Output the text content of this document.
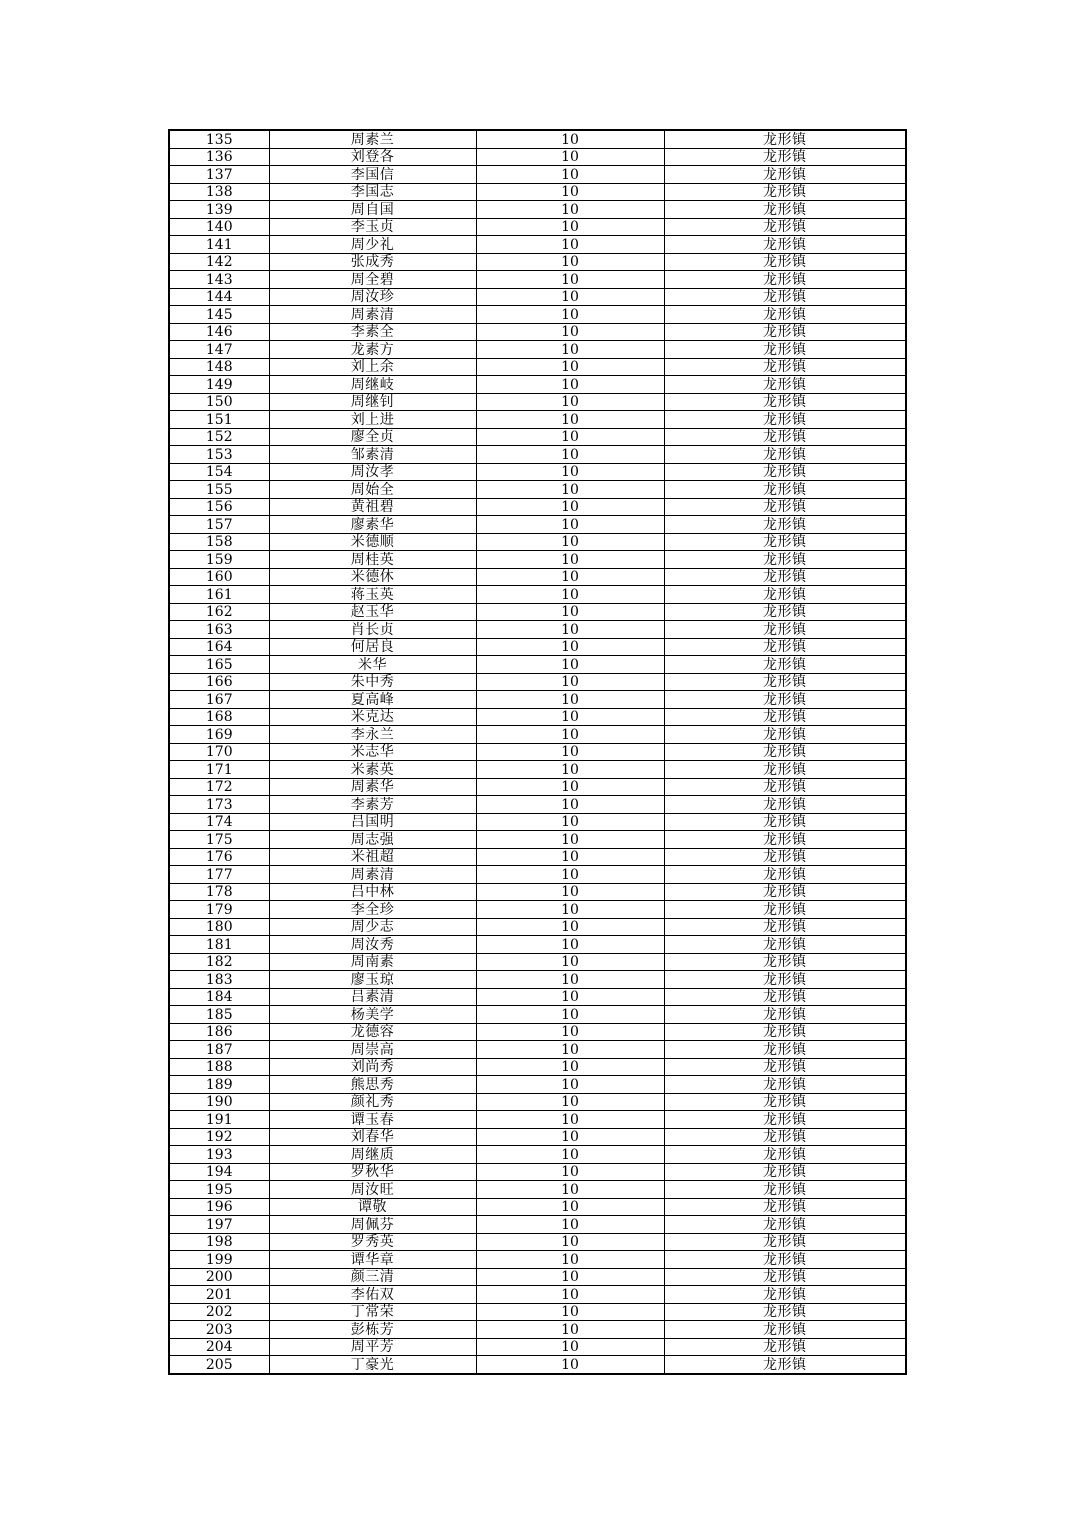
135	周素兰	10	龙形镇
136	刘登各	10	龙形镇
137	李国信	10	龙形镇
138	李国志	10	龙形镇
139	周自国	10	龙形镇
140	李玉贞	10	龙形镇
141	周少礼	10	龙形镇
142	张成秀	10	龙形镇
143	周全碧	10	龙形镇
144	周汝珍	10	龙形镇
145	周素清	10	龙形镇
146	李素全	10	龙形镇
147	龙素方	10	龙形镇
148	刘上余	10	龙形镇
149	周继岐	10	龙形镇
150	周继钊	10	龙形镇
151	刘上进	10	龙形镇
152	廖全贞	10	龙形镇
153	邹素清	10	龙形镇
154	周汝孝	10	龙形镇
155	周始全	10	龙形镇
156	黄祖碧	10	龙形镇
157	廖素华	10	龙形镇
158	米德顺	10	龙形镇
159	周桂英	10	龙形镇
160	米德休	10	龙形镇
161	蒋玉英	10	龙形镇
162	赵玉华	10	龙形镇
163	肖长贞	10	龙形镇
164	何居良	10	龙形镇
165	米华	10	龙形镇
166	朱中秀	10	龙形镇
167	夏高峰	10	龙形镇
168	米克达	10	龙形镇
169	李永兰	10	龙形镇
170	米志华	10	龙形镇
171	米素英	10	龙形镇
172	周素华	10	龙形镇
173	李素芳	10	龙形镇
174	吕国明	10	龙形镇
175	周志强	10	龙形镇
176	米祖超	10	龙形镇
177	周素清	10	龙形镇
178	吕中林	10	龙形镇
179	李全珍	10	龙形镇
180	周少志	10	龙形镇
181	周汝秀	10	龙形镇
182	周南素	10	龙形镇
183	廖玉琼	10	龙形镇
184	吕素清	10	龙形镇
185	杨美学	10	龙形镇
186	龙德容	10	龙形镇
187	周崇高	10	龙形镇
188	刘尚秀	10	龙形镇
189	熊思秀	10	龙形镇
190	颜礼秀	10	龙形镇
191	谭玉春	10	龙形镇
192	刘春华	10	龙形镇
193	周继质	10	龙形镇
194	罗秋华	10	龙形镇
195	周汝旺	10	龙形镇
196	谭敬	10	龙形镇
197	周佩芬	10	龙形镇
198	罗秀英	10	龙形镇
199	谭华章	10	龙形镇
200	颜三清	10	龙形镇
201	李佑双	10	龙形镇
202	丁常荣	10	龙形镇
203	彭栋芳	10	龙形镇
204	周平芳	10	龙形镇
205	丁豪光	10	龙形镇
